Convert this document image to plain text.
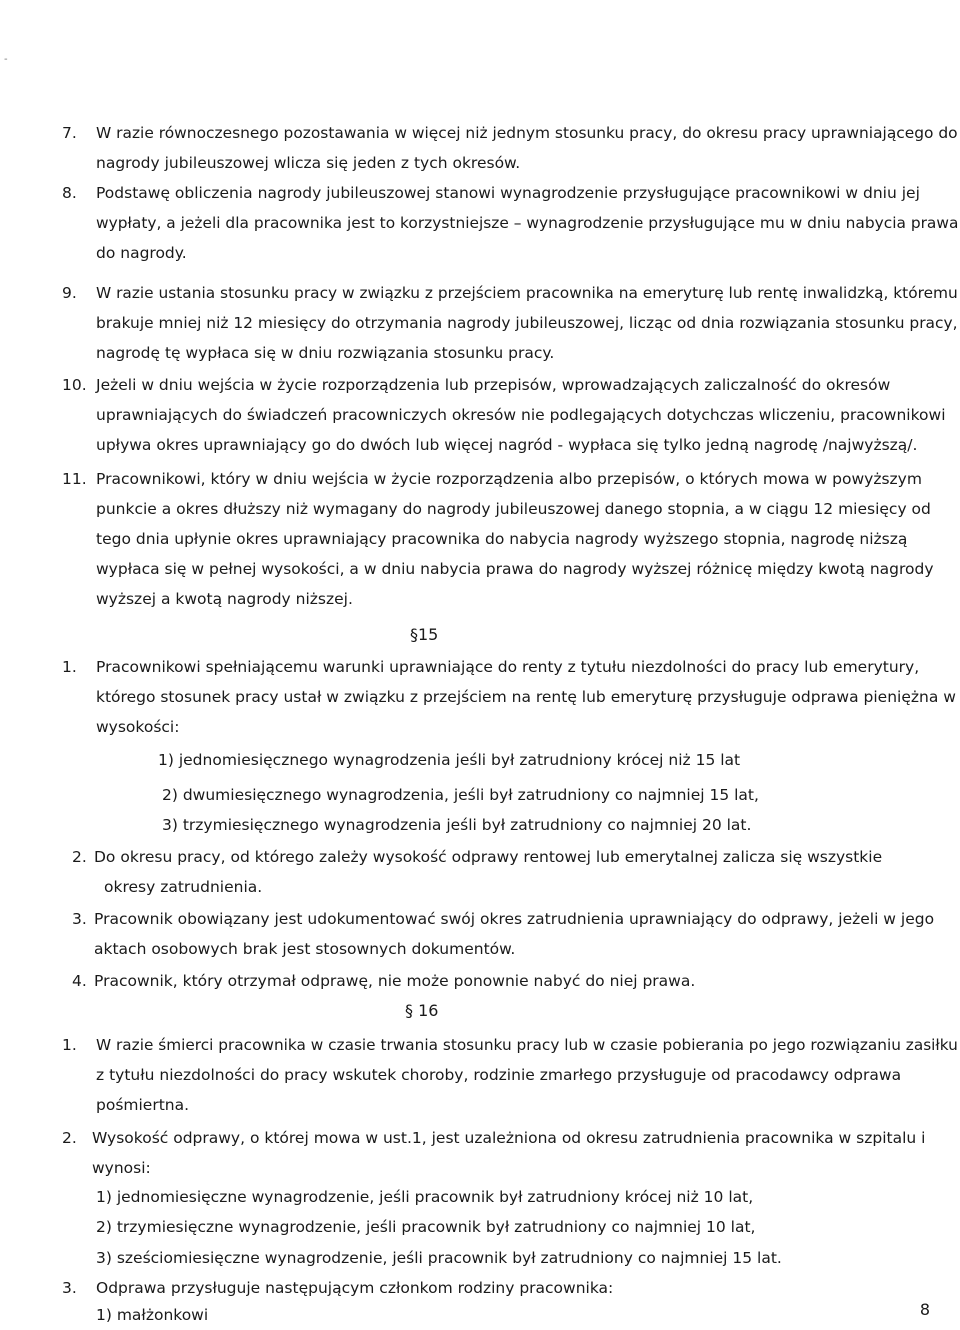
-
7. W razie równoczesnego pozostawania w więcej niż jednym stosunku pracy, do okresu pracy uprawniającego do
nagrody jubileuszowej wlicza się jeden z tych okresów.
8. Podstawę obliczenia nagrody jubileuszowej stanowi wynagrodzenie przysługujące pracownikowi w dniu jej
wypłaty, a jeżeli dla pracownika jest to korzystniejsze – wynagrodzenie przysługujące mu w dniu nabycia prawa
do nagrody.
9. W razie ustania stosunku pracy w związku z przejściem pracownika na emeryturę lub rentę inwalidzką, któremu
brakuje mniej niż 12 miesięcy do otrzymania nagrody jubileuszowej, licząc od dnia rozwiązania stosunku pracy,
nagrodę tę wypłaca się w dniu rozwiązania stosunku pracy.
10. Jeżeli w dniu wejścia w życie rozporządzenia lub przepisów, wprowadzających zaliczalność do okresów
uprawniających do świadczeń pracowniczych okresów nie podlegających dotychczas wliczeniu, pracownikowi
upływa okres uprawniający go do dwóch lub więcej nagród - wypłaca się tylko jedną nagrodę /najwyższą/.
11. Pracownikowi, który w dniu wejścia w życie rozporządzenia albo przepisów, o których mowa w powyższym
punkcie a okres dłuższy niż wymagany do nagrody jubileuszowej danego stopnia, a w ciągu 12 miesięcy od
tego dnia upłynie okres uprawniający pracownika do nabycia nagrody wyższego stopnia, nagrodę niższą
wypłaca się w pełnej wysokości, a w dniu nabycia prawa do nagrody wyższej różnicę między kwotą nagrody
wyższej a kwotą nagrody niższej.
§15
1. Pracownikowi spełniającemu warunki uprawniające do renty z tytułu niezdolności do pracy lub emerytury,
którego stosunek pracy ustał w związku z przejściem na rentę lub emeryturę przysługuje odprawa pieniężna w
wysokości:
1) jednomiesięcznego wynagrodzenia jeśli był zatrudniony krócej niż 15 lat
2) dwumiesięcznego wynagrodzenia, jeśli był zatrudniony co najmniej 15 lat,
3) trzymiesięcznego wynagrodzenia jeśli był zatrudniony co najmniej 20 lat.
2. Do okresu pracy, od którego zależy wysokość odprawy rentowej lub emerytalnej zalicza się wszystkie
okresy zatrudnienia.
3. Pracownik obowiązany jest udokumentować swój okres zatrudnienia uprawniający do odprawy, jeżeli w jego
aktach osobowych brak jest stosownych dokumentów.
4. Pracownik, który otrzymał odprawę, nie może ponownie nabyć do niej prawa.
§ 16
1. W razie śmierci pracownika w czasie trwania stosunku pracy lub w czasie pobierania po jego rozwiązaniu zasiłku
z tytułu niezdolności do pracy wskutek choroby, rodzinie zmarłego przysługuje od pracodawcy odprawa
pośmiertna.
2. Wysokość odprawy, o której mowa w ust.1, jest uzależniona od okresu zatrudnienia pracownika w szpitalu i
wynosi:
1) jednomiesięczne wynagrodzenie, jeśli pracownik był zatrudniony krócej niż 10 lat,
2) trzymiesięczne wynagrodzenie, jeśli pracownik był zatrudniony co najmniej 10 lat,
3) sześciomiesięczne wynagrodzenie, jeśli pracownik był zatrudniony co najmniej 15 lat.
3. Odprawa przysługuje następującym członkom rodziny pracownika:
1) małżonkowi	8
